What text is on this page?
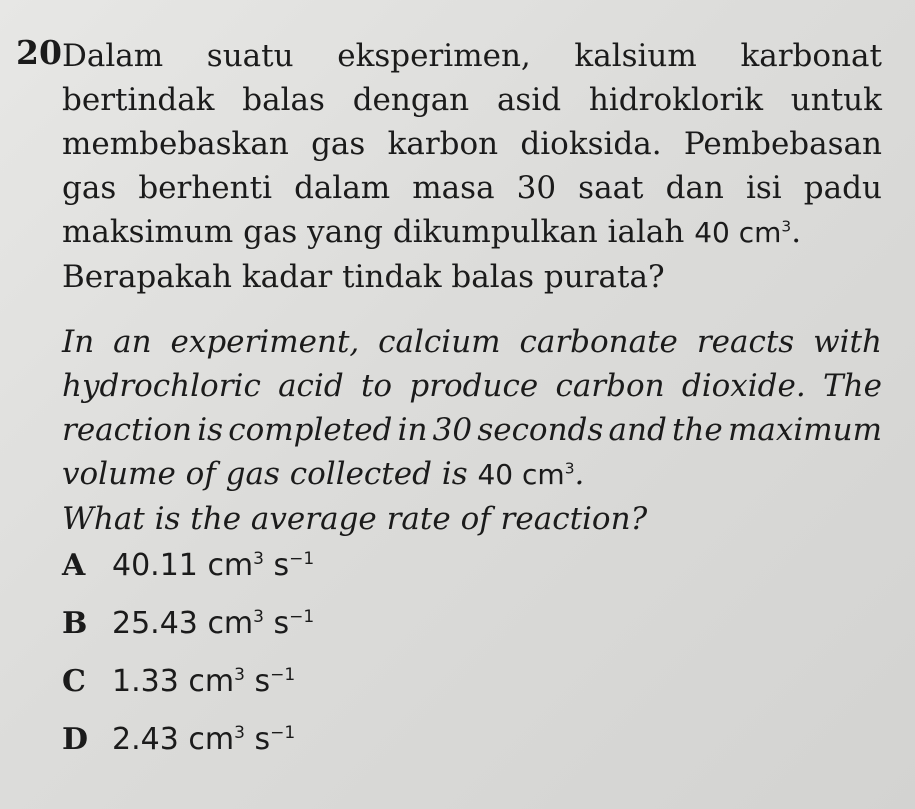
20 Dalam suatu eksperimen, kalsium karbonat
bertindak balas dengan asid hidroklorik untuk
membebaskan gas karbon dioksida. Pembebasan
gas berhenti dalam masa 30 saat dan isi padu
maksimum gas yang dikumpulkan ialah 40 $cm^3$.
Berapakah kadar tindak balas purata?
In an experiment, calcium carbonate reacts with
hydrochloric acid to produce carbon dioxide. The
reaction is completed in 30 seconds and the maximum
volume of gas collected is 40 $cm^3$.
What is the average rate of reaction?
A 40.11 $cm^3$ $s^{-1}$
B 25.43 $cm^3$ $s^{-1}$
C 1.33 $cm^3$ $s^{-1}$
D 2.43 $cm^3$ $s^{-1}$
